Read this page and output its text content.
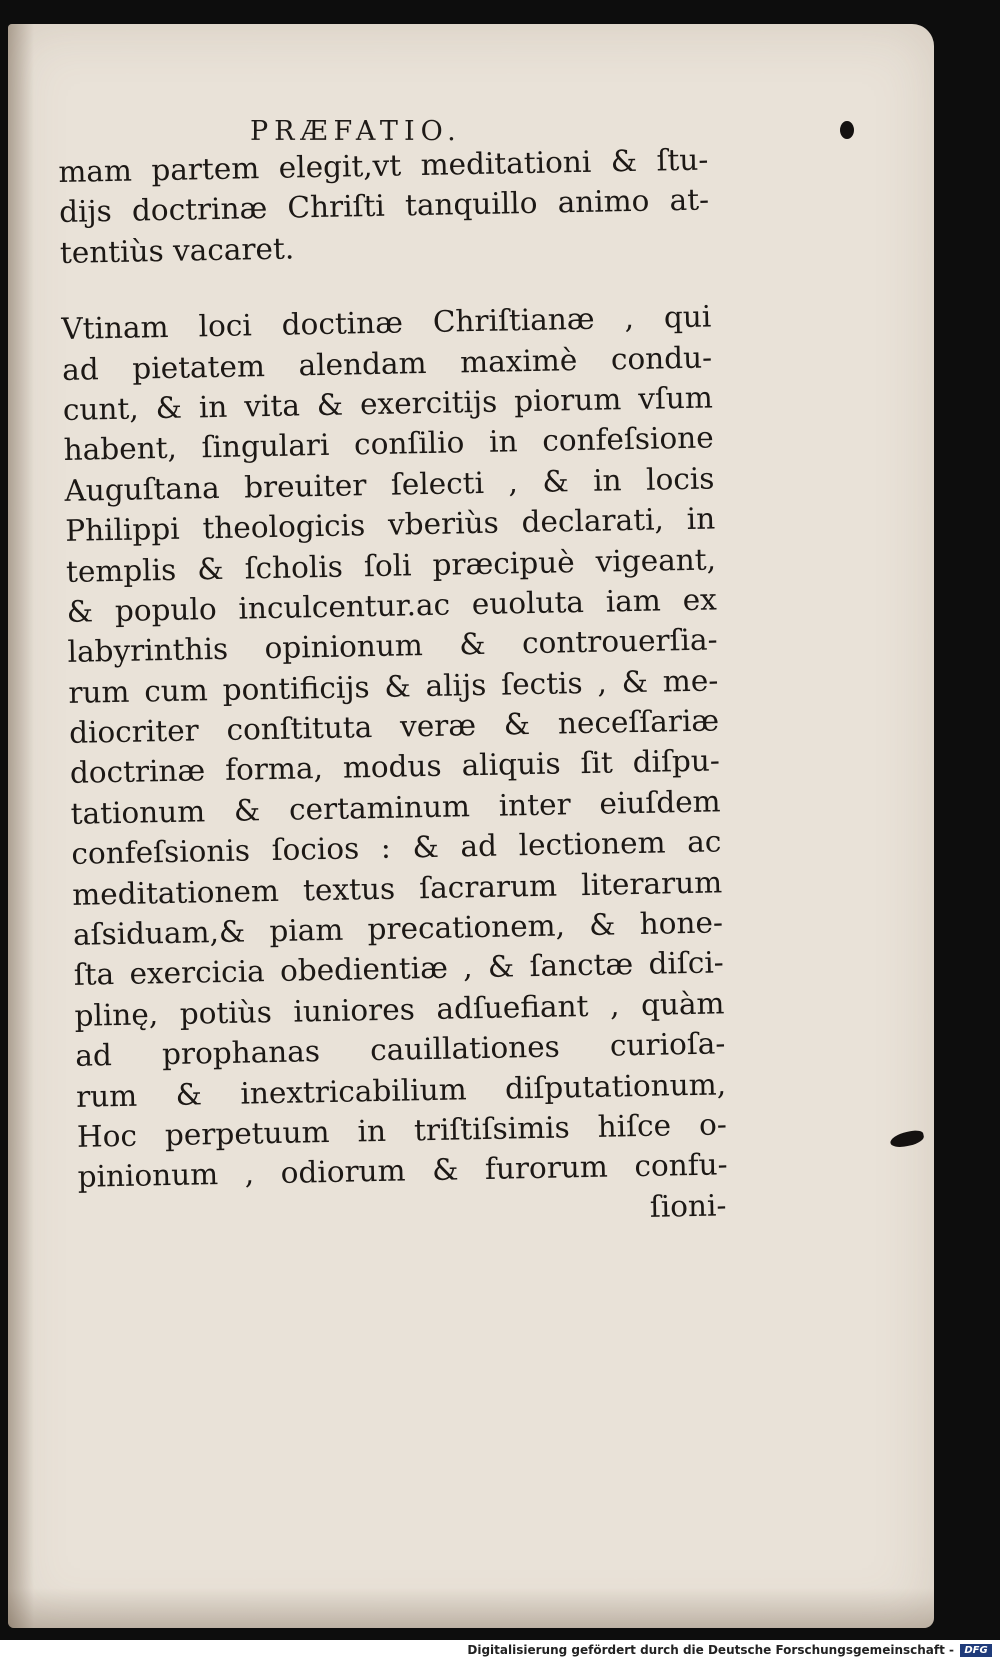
PRÆFATIO.
mam partem elegit,vt meditationi & ſtu-
dijs doctrinæ Chriſti tanquillo animo at-
tentiùs vacaret.
Vtinam loci doctinæ Chriſtianæ , qui
ad pietatem alendam maximè condu-
cunt, & in vita & exercitijs piorum vſum
habent, ſingulari conſilio in confeſsione
Auguſtana breuiter ſelecti , & in locis
Philippi theologicis vberiùs declarati, in
templis & ſcholis ſoli præcipuè vigeant,
& populo inculcentur.ac euoluta iam ex
labyrinthis opinionum & controuerſia-
rum cum pontificijs & alijs ſectis , & me-
diocriter conſtituta veræ & neceſſariæ
doctrinæ forma, modus aliquis ſit diſpu-
tationum & certaminum inter eiuſdem
confeſsionis ſocios : & ad lectionem ac
meditationem textus ſacrarum literarum
aſsiduam,& piam precationem, & hone-
ſta exercicia obedientiæ , & ſanctæ diſci-
plinę, potiùs iuniores adſuefiant , quàm
ad prophanas cauillationes curioſa-
rum & inextricabilium diſputationum,
Hoc perpetuum in triſtiſsimis hiſce o-
pinionum , odiorum & furorum confu-
ſioni-
Digitalisierung gefördert durch die Deutsche Forschungsgemeinschaft -	DFG
